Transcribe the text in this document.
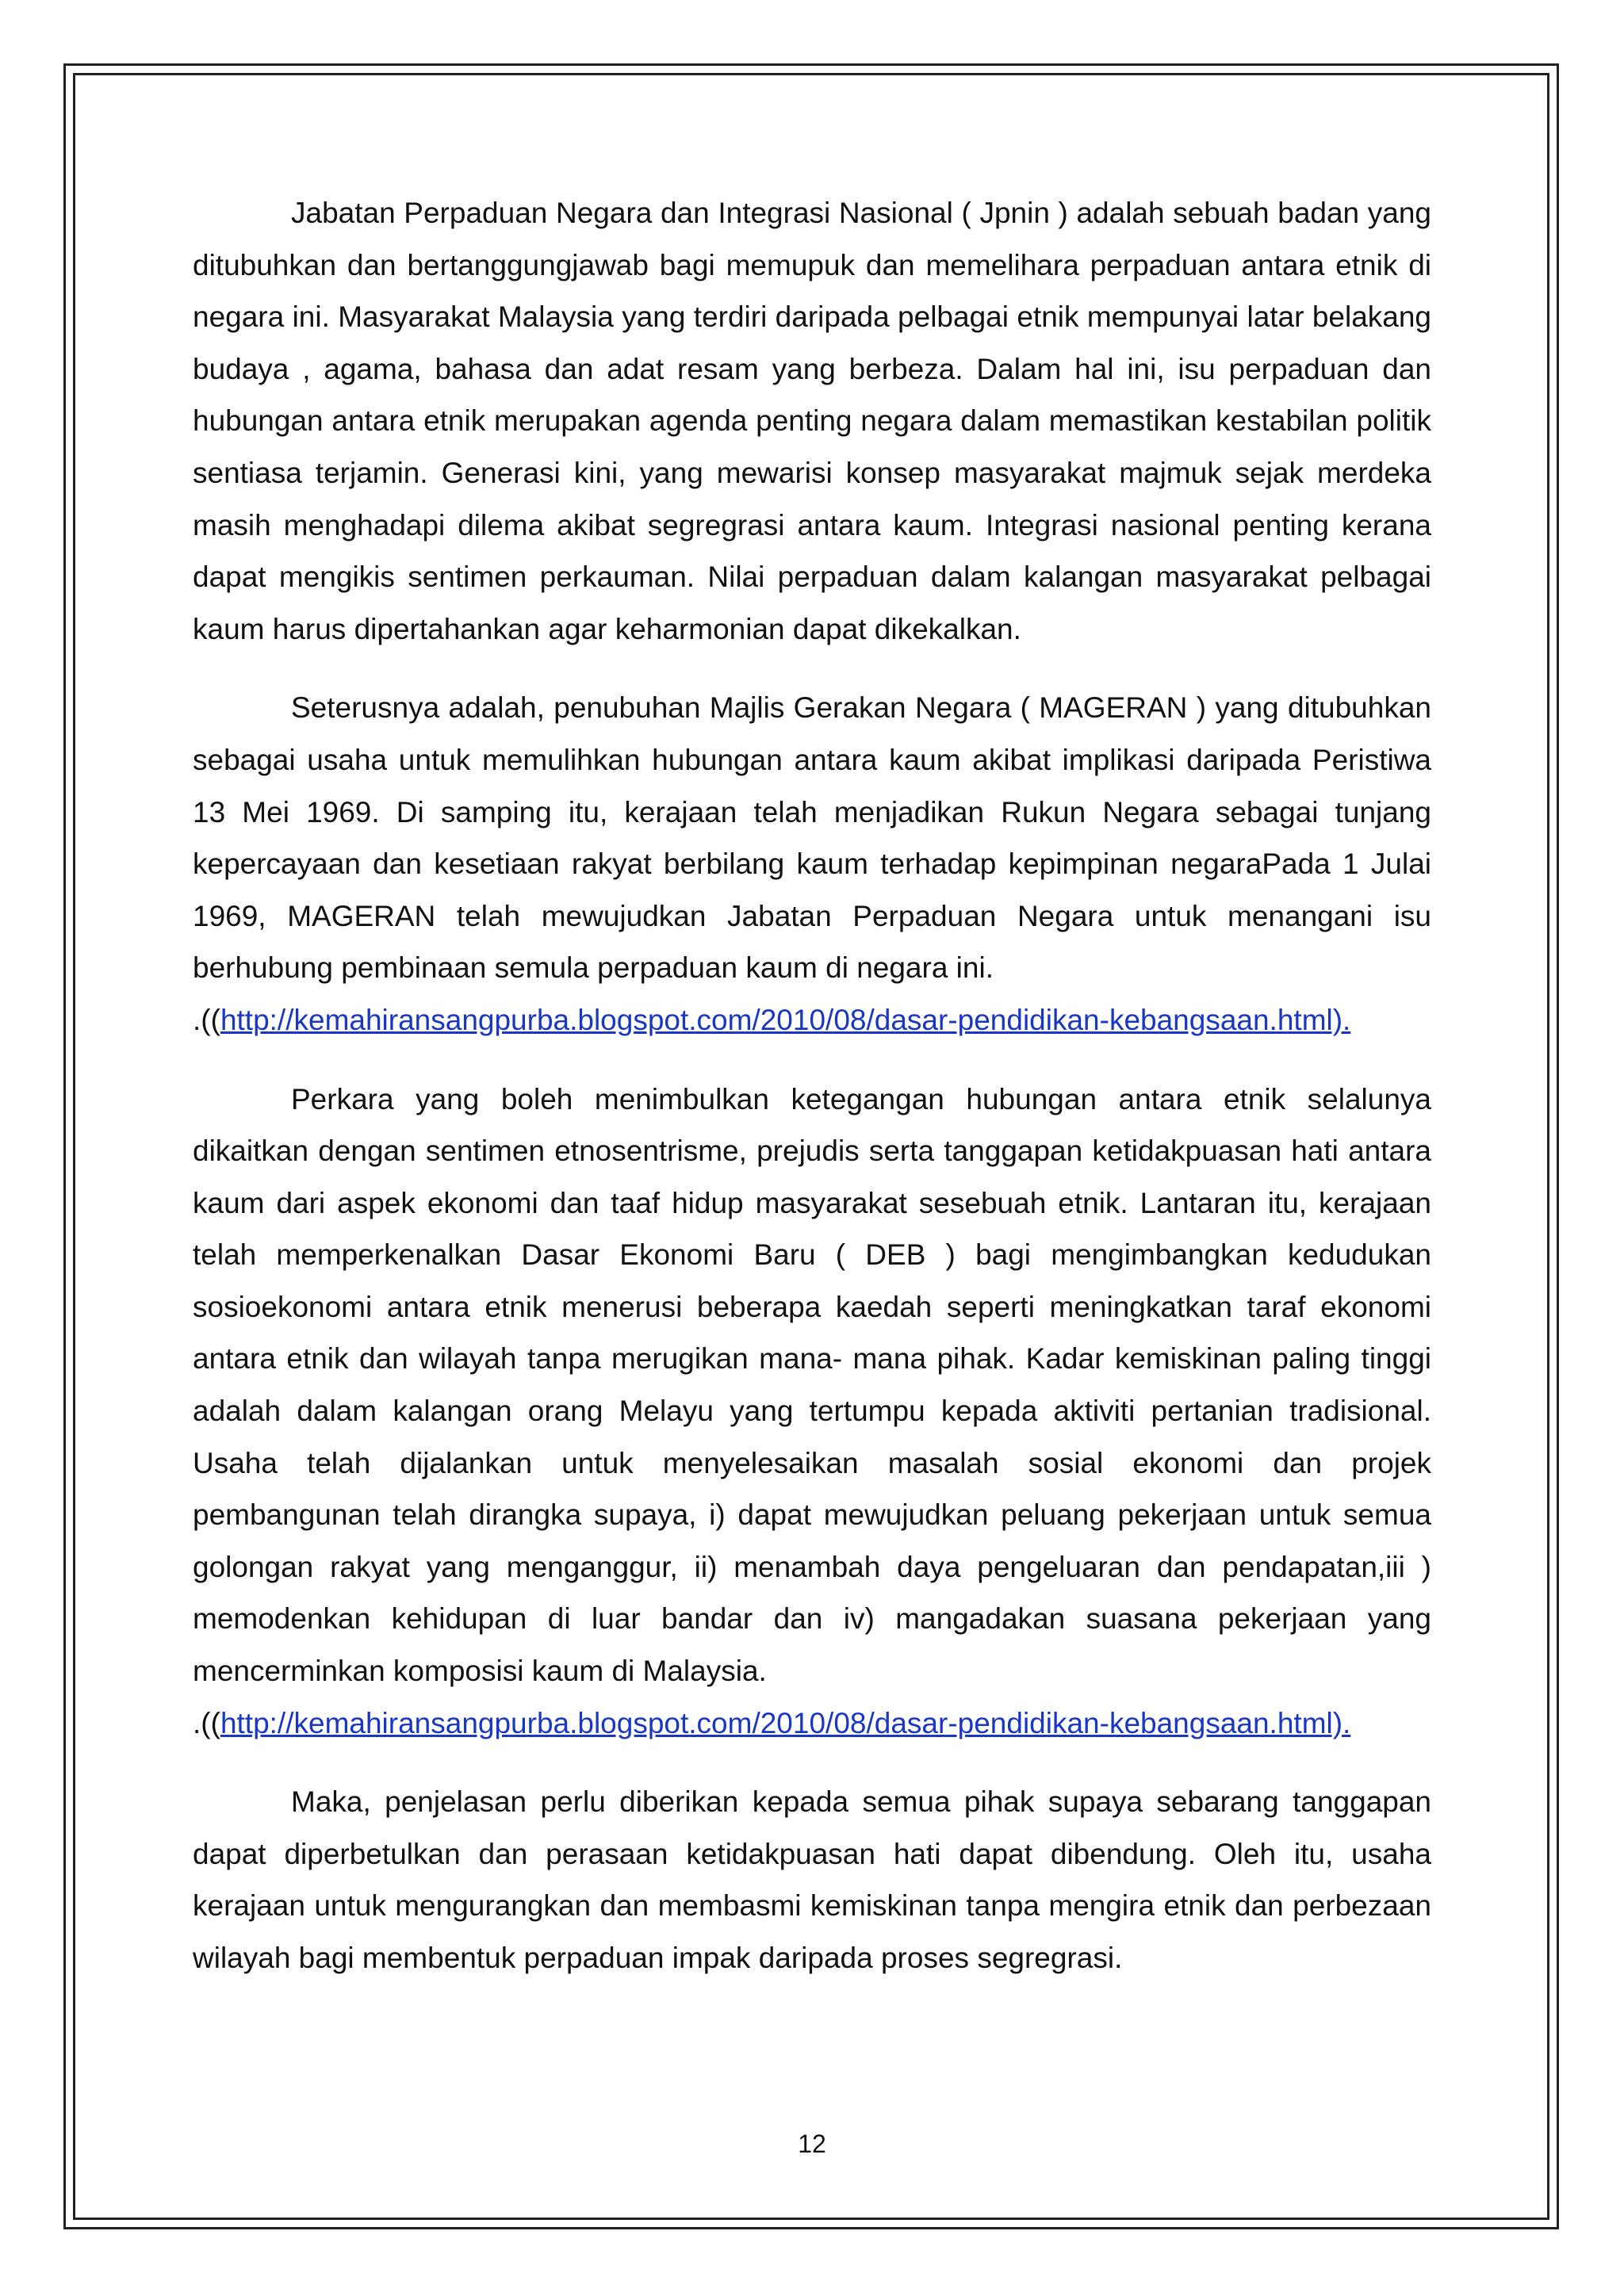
Jabatan Perpaduan Negara dan Integrasi Nasional ( Jpnin ) adalah sebuah badan yang ditubuhkan dan bertanggungjawab bagi memupuk dan memelihara perpaduan antara etnik di negara ini. Masyarakat Malaysia yang terdiri daripada pelbagai etnik mempunyai latar belakang budaya , agama, bahasa dan adat resam yang berbeza. Dalam hal ini, isu perpaduan dan hubungan antara etnik merupakan agenda penting negara dalam memastikan kestabilan politik sentiasa terjamin. Generasi kini, yang mewarisi konsep masyarakat majmuk sejak merdeka masih menghadapi dilema akibat segregrasi antara kaum. Integrasi nasional penting kerana dapat mengikis sentimen perkauman. Nilai perpaduan dalam kalangan masyarakat pelbagai kaum harus dipertahankan agar keharmonian dapat dikekalkan.

Seterusnya adalah, penubuhan Majlis Gerakan Negara ( MAGERAN ) yang ditubuhkan sebagai usaha untuk memulihkan hubungan antara kaum akibat implikasi daripada Peristiwa 13 Mei 1969. Di samping itu, kerajaan telah menjadikan Rukun Negara sebagai tunjang kepercayaan dan kesetiaan rakyat berbilang kaum terhadap kepimpinan negaraPada 1 Julai 1969, MAGERAN telah mewujudkan Jabatan Perpaduan Negara untuk menangani isu berhubung pembinaan semula perpaduan kaum di negara ini.
.((http://kemahiransangpurba.blogspot.com/2010/08/dasar-pendidikan-kebangsaan.html).

Perkara yang boleh menimbulkan ketegangan hubungan antara etnik selalunya dikaitkan dengan sentimen etnosentrisme, prejudis serta tanggapan ketidakpuasan hati antara kaum dari aspek ekonomi dan taaf hidup masyarakat sesebuah etnik. Lantaran itu, kerajaan telah memperkenalkan Dasar Ekonomi Baru ( DEB ) bagi mengimbangkan kedudukan sosioekonomi antara etnik menerusi beberapa kaedah seperti meningkatkan taraf ekonomi antara etnik dan wilayah tanpa merugikan mana- mana pihak. Kadar kemiskinan paling tinggi adalah dalam kalangan orang Melayu yang tertumpu kepada aktiviti pertanian tradisional. Usaha telah dijalankan untuk menyelesaikan masalah sosial ekonomi dan projek pembangunan telah dirangka supaya, i) dapat mewujudkan peluang pekerjaan untuk semua golongan rakyat yang menganggur, ii) menambah daya pengeluaran dan pendapatan,iii ) memodenkan kehidupan di luar bandar dan iv) mangadakan suasana pekerjaan yang mencerminkan komposisi kaum di Malaysia.
.((http://kemahiransangpurba.blogspot.com/2010/08/dasar-pendidikan-kebangsaan.html).

Maka, penjelasan perlu diberikan kepada semua pihak supaya sebarang tanggapan dapat diperbetulkan dan perasaan ketidakpuasan hati dapat dibendung. Oleh itu, usaha kerajaan untuk mengurangkan dan membasmi kemiskinan tanpa mengira etnik dan perbezaan wilayah bagi membentuk perpaduan impak daripada proses segregrasi.

12
